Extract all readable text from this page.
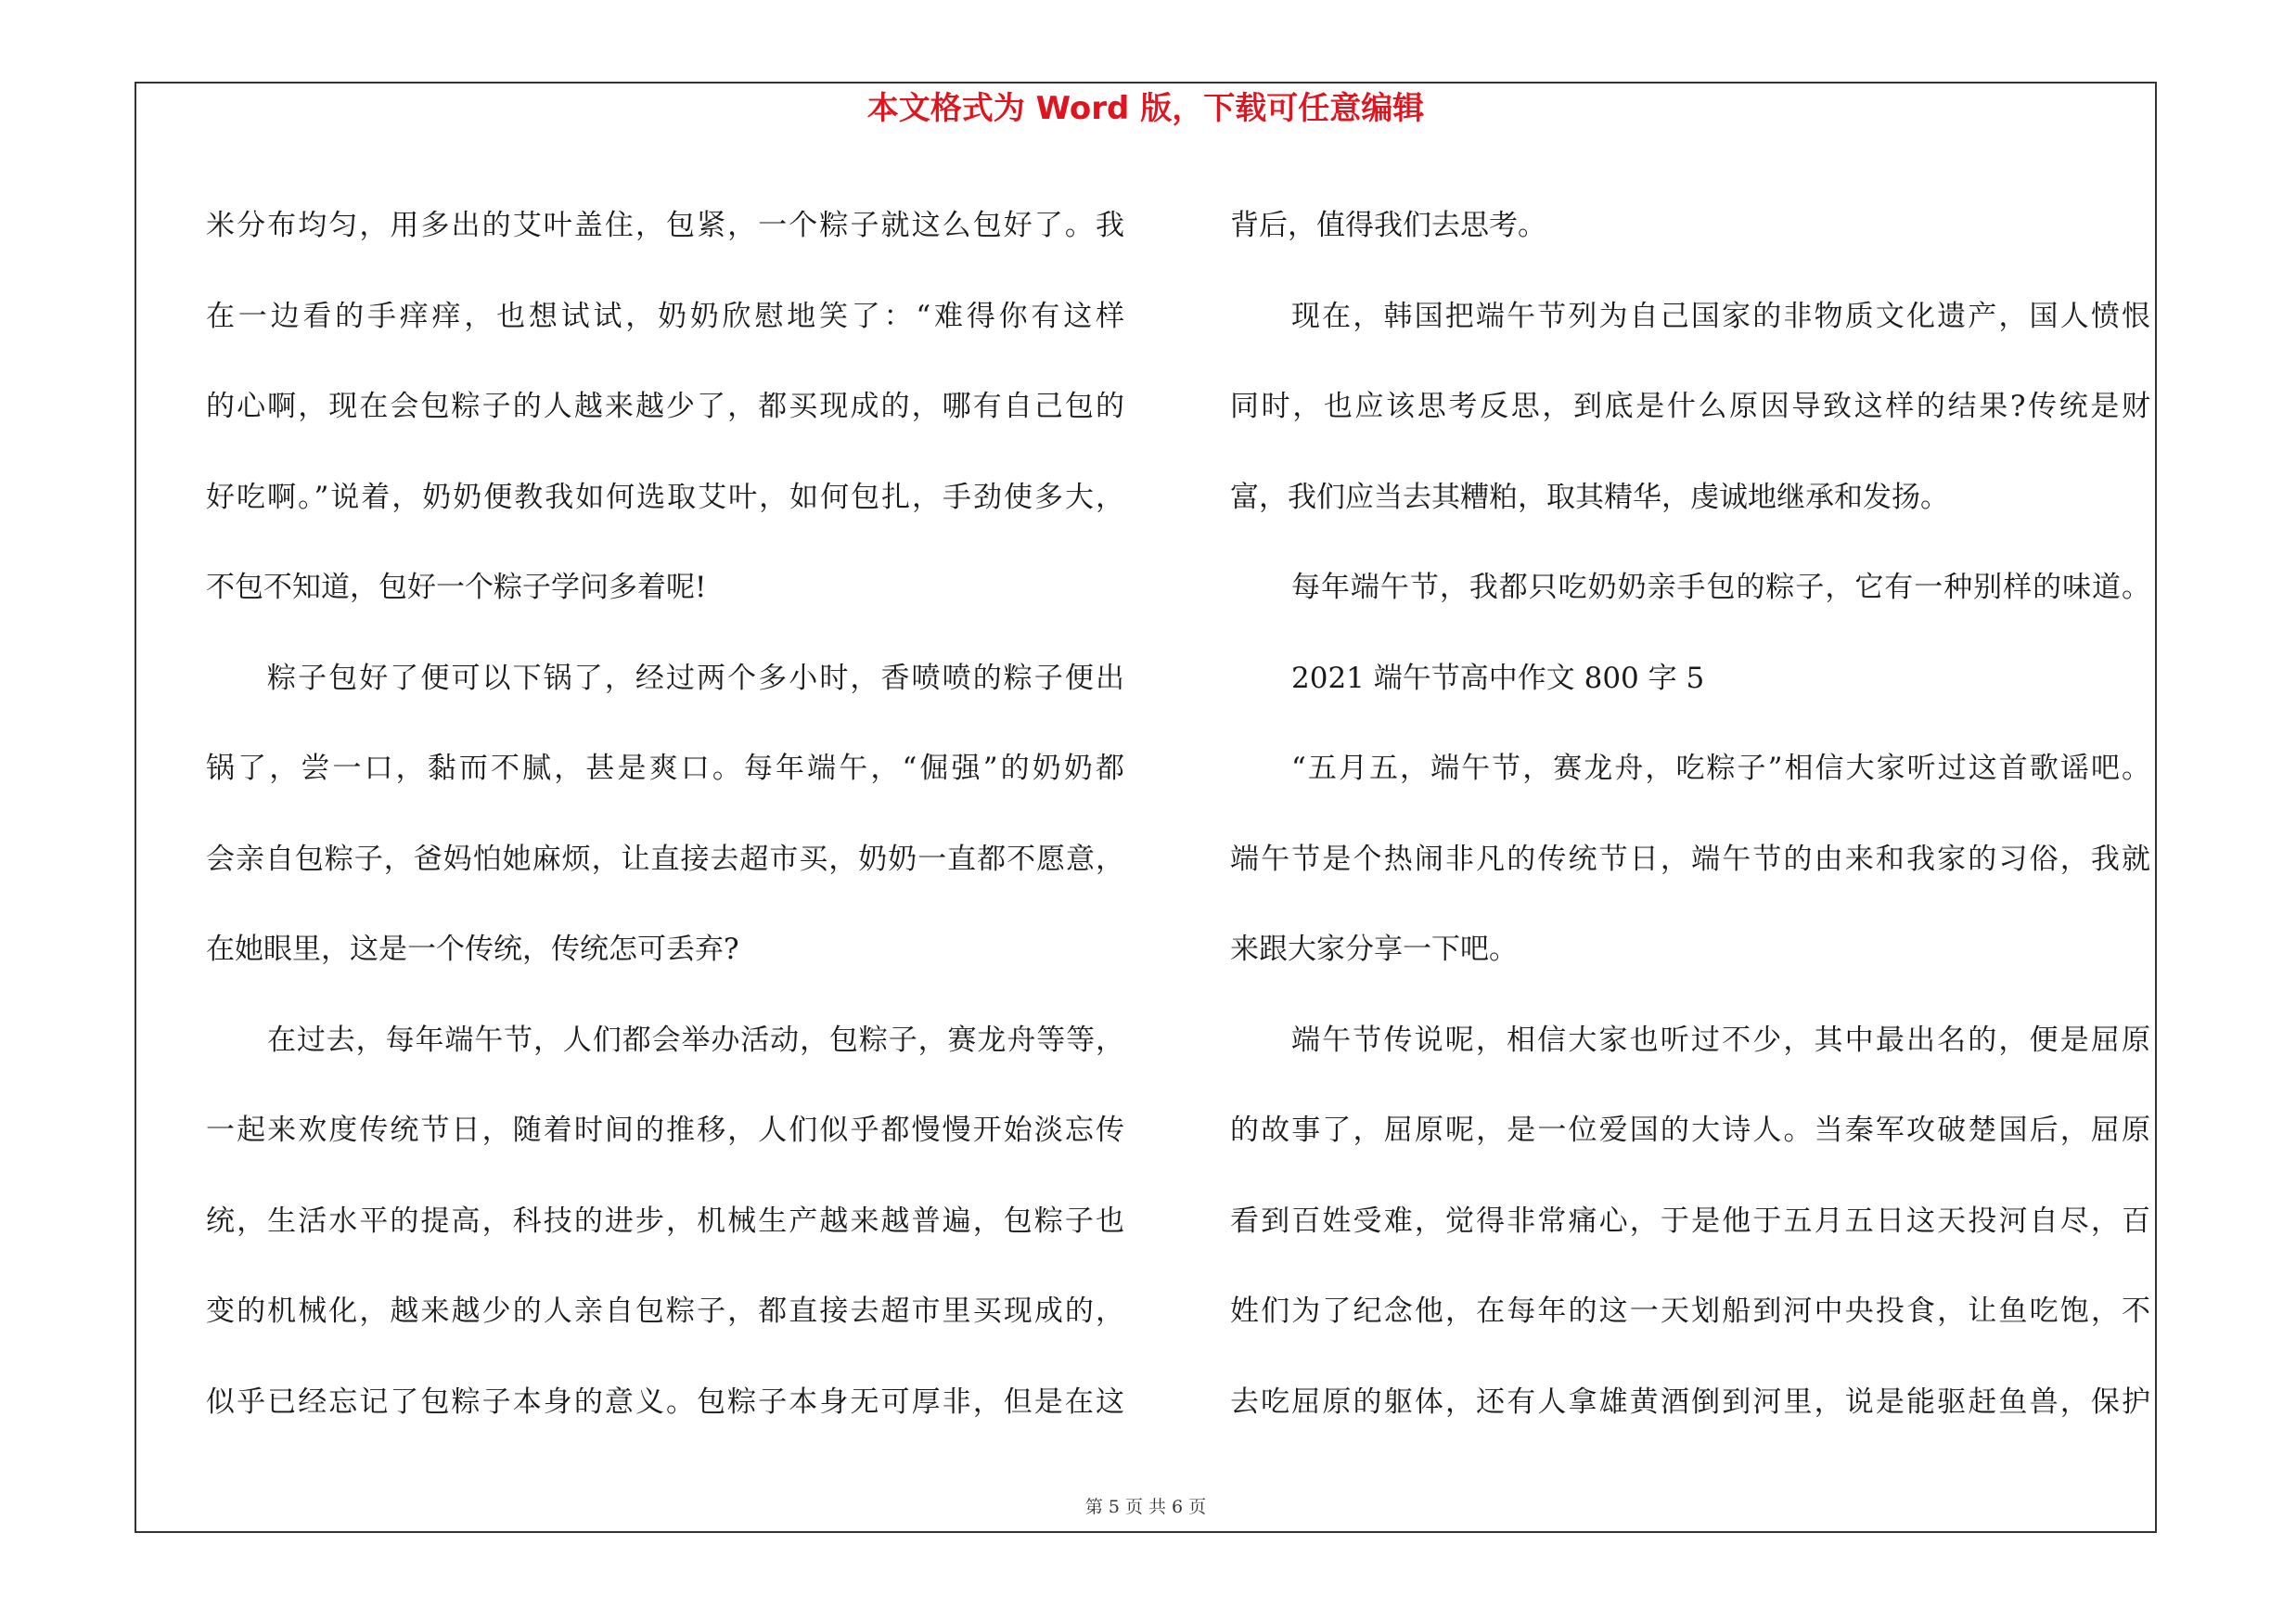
本文格式为 Word 版，下载可任意编辑
米分布均匀，用多出的艾叶盖住，包紧，一个粽子就这么包好了。我
在一边看的手痒痒，也想试试，奶奶欣慰地笑了：“难得你有这样
的心啊，现在会包粽子的人越来越少了，都买现成的，哪有自己包的
好吃啊。”说着，奶奶便教我如何选取艾叶，如何包扎，手劲使多大，
不包不知道，包好一个粽子学问多着呢!
粽子包好了便可以下锅了，经过两个多小时，香喷喷的粽子便出
锅了，尝一口，黏而不腻，甚是爽口。每年端午，“倔强”的奶奶都
会亲自包粽子，爸妈怕她麻烦，让直接去超市买，奶奶一直都不愿意，
在她眼里，这是一个传统，传统怎可丢弃?
在过去，每年端午节，人们都会举办活动，包粽子，赛龙舟等等，
一起来欢度传统节日，随着时间的推移，人们似乎都慢慢开始淡忘传
统，生活水平的提高，科技的进步，机械生产越来越普遍，包粽子也
变的机械化，越来越少的人亲自包粽子，都直接去超市里买现成的，
似乎已经忘记了包粽子本身的意义。包粽子本身无可厚非，但是在这
背后，值得我们去思考。
现在，韩国把端午节列为自己国家的非物质文化遗产，国人愤恨
同时，也应该思考反思，到底是什么原因导致这样的结果?传统是财
富，我们应当去其糟粕，取其精华，虔诚地继承和发扬。
每年端午节，我都只吃奶奶亲手包的粽子，它有一种别样的味道。
2021 端午节高中作文 800 字 5
“五月五，端午节，赛龙舟，吃粽子”相信大家听过这首歌谣吧。
端午节是个热闹非凡的传统节日，端午节的由来和我家的习俗，我就
来跟大家分享一下吧。
端午节传说呢，相信大家也听过不少，其中最出名的，便是屈原
的故事了，屈原呢，是一位爱国的大诗人。当秦军攻破楚国后，屈原
看到百姓受难，觉得非常痛心，于是他于五月五日这天投河自尽，百
姓们为了纪念他，在每年的这一天划船到河中央投食，让鱼吃饱，不
去吃屈原的躯体，还有人拿雄黄酒倒到河里，说是能驱赶鱼兽，保护
第 5 页 共 6 页
